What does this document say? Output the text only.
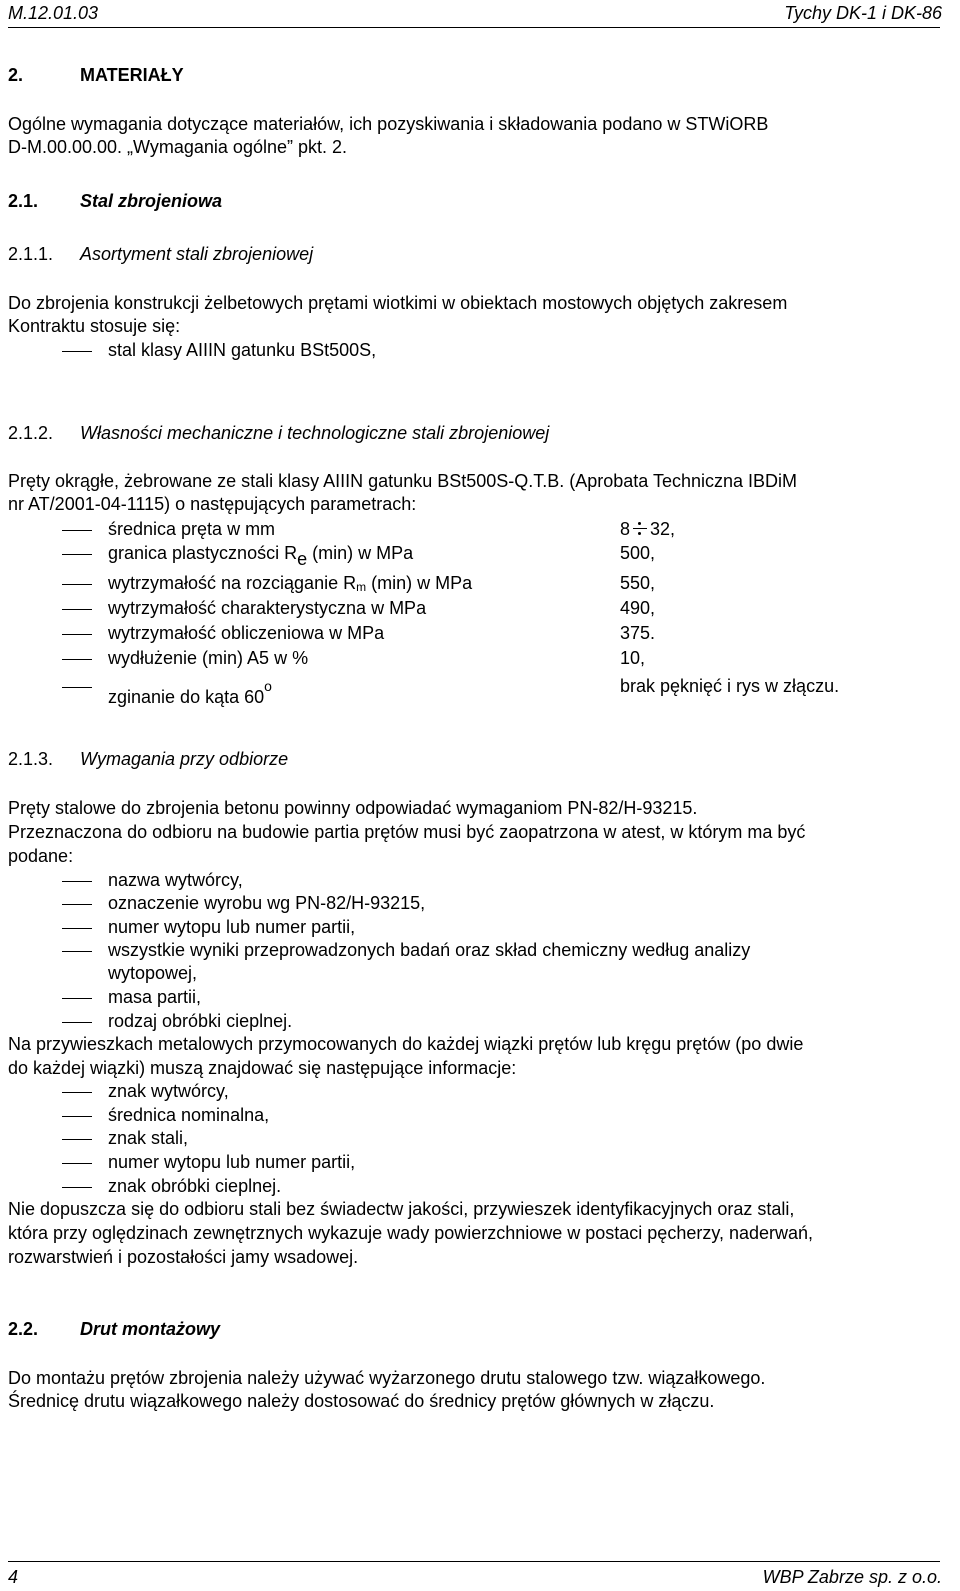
M.12.01.03	Tychy DK-1 i DK-86
2.	MATERIAŁY
Ogólne wymagania dotyczące materiałów, ich pozyskiwania i składowania podano w STWiORB
D-M.00.00.00. „Wymagania ogólne” pkt. 2.
2.1. Stal zbrojeniowa
2.1.1. Asortyment stali zbrojeniowej
Do zbrojenia konstrukcji żelbetowych prętami wiotkimi w obiektach mostowych objętych zakresem
Kontraktu stosuje się:
stal klasy AIIIN gatunku BSt500S,
2.1.2. Własności mechaniczne i technologiczne stali zbrojeniowej
Pręty okrągłe, żebrowane ze stali klasy AIIIN gatunku BSt500S-Q.T.B. (Aprobata Techniczna IBDiM
nr AT/2001-04-1115) o następujących parametrach:
średnica pręta w mm	8 32,
granica plastyczności $R_e$ (min) w MPa	500,
wytrzymałość na rozciąganie $R_m$ (min) w MPa	550,
wytrzymałość charakterystyczna w MPa	490,
wytrzymałość obliczeniowa w MPa	375.
wydłużenie (min) A5 w %	10,
zginanie do kąta 60$^o$	brak pęknięć i rys w złączu.
2.1.3. Wymagania przy odbiorze
Pręty stalowe do zbrojenia betonu powinny odpowiadać wymaganiom PN-82/H-93215.
Przeznaczona do odbioru na budowie partia prętów musi być zaopatrzona w atest, w którym ma być
podane:
nazwa wytwórcy,
oznaczenie wyrobu wg PN-82/H-93215,
numer wytopu lub numer partii,
wszystkie wyniki przeprowadzonych badań oraz skład chemiczny według analizy
wytopowej,
masa partii,
rodzaj obróbki cieplnej.
Na przywieszkach metalowych przymocowanych do każdej wiązki prętów lub kręgu prętów (po dwie
do każdej wiązki) muszą znajdować się następujące informacje:
znak wytwórcy,
średnica nominalna,
znak stali,
numer wytopu lub numer partii,
znak obróbki cieplnej.
Nie dopuszcza się do odbioru stali bez świadectw jakości, przywieszek identyfikacyjnych oraz stali,
która przy oględzinach zewnętrznych wykazuje wady powierzchniowe w postaci pęcherzy, naderwań,
rozwarstwień i pozostałości jamy wsadowej.
2.2. Drut montażowy
Do montażu prętów zbrojenia należy używać wyżarzonego drutu stalowego tzw. wiązałkowego.
Średnicę drutu wiązałkowego należy dostosować do średnicy prętów głównych w złączu.
4	WBP Zabrze sp. z o.o.
